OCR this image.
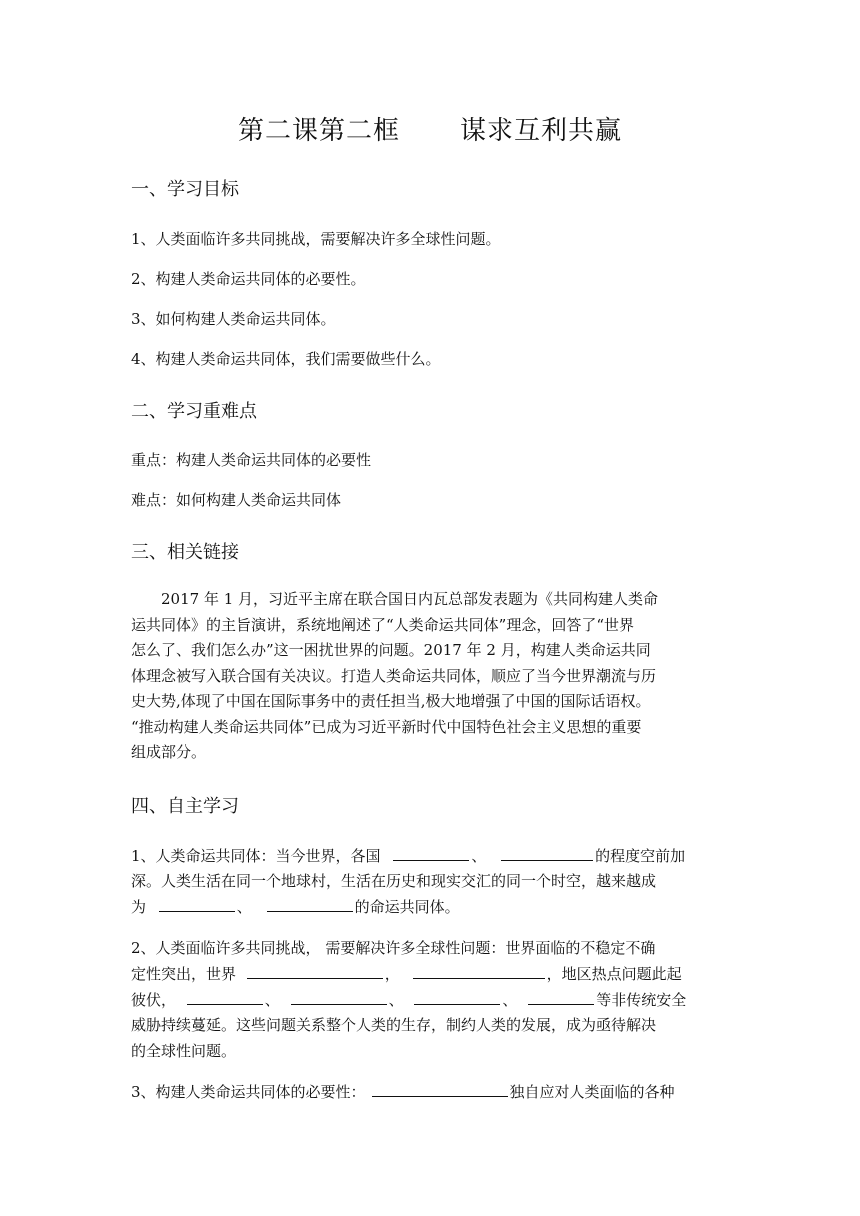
第二课第二框 谋求互利共赢
一、学习目标
1、人类面临许多共同挑战，需要解决许多全球性问题。
2、构建人类命运共同体的必要性。
3、如何构建人类命运共同体。
4、构建人类命运共同体，我们需要做些什么。
二、学习重难点
重点：构建人类命运共同体的必要性
难点：如何构建人类命运共同体
三、相关链接
2017 年 1 月，习近平主席在联合国日内瓦总部发表题为《共同构建人类命
运共同体》的主旨演讲，系统地阐述了“人类命运共同体”理念，回答了“世界
怎么了、我们怎么办”这一困扰世界的问题。2017 年 2 月，构建人类命运共同
体理念被写入联合国有关决议。打造人类命运共同体，顺应了当今世界潮流与历
史大势,体现了中国在国际事务中的责任担当,极大地增强了中国的国际话语权。
“推动构建人类命运共同体”已成为习近平新时代中国特色社会主义思想的重要
组成部分。
四、自主学习
1、人类命运共同体：当今世界，各国	、	的程度空前加
深。人类生活在同一个地球村，生活在历史和现实交汇的同一个时空，越来越成
为	、	的命运共同体。
2、人类面临许多共同挑战， 需要解决许多全球性问题：世界面临的不稳定不确
定性突出，世界	，	，地区热点问题此起
彼伏，	、	、	、	等非传统安全
威胁持续蔓延。这些问题关系整个人类的生存，制约人类的发展，成为亟待解决
的全球性问题。
3、构建人类命运共同体的必要性：	独自应对人类面临的各种
